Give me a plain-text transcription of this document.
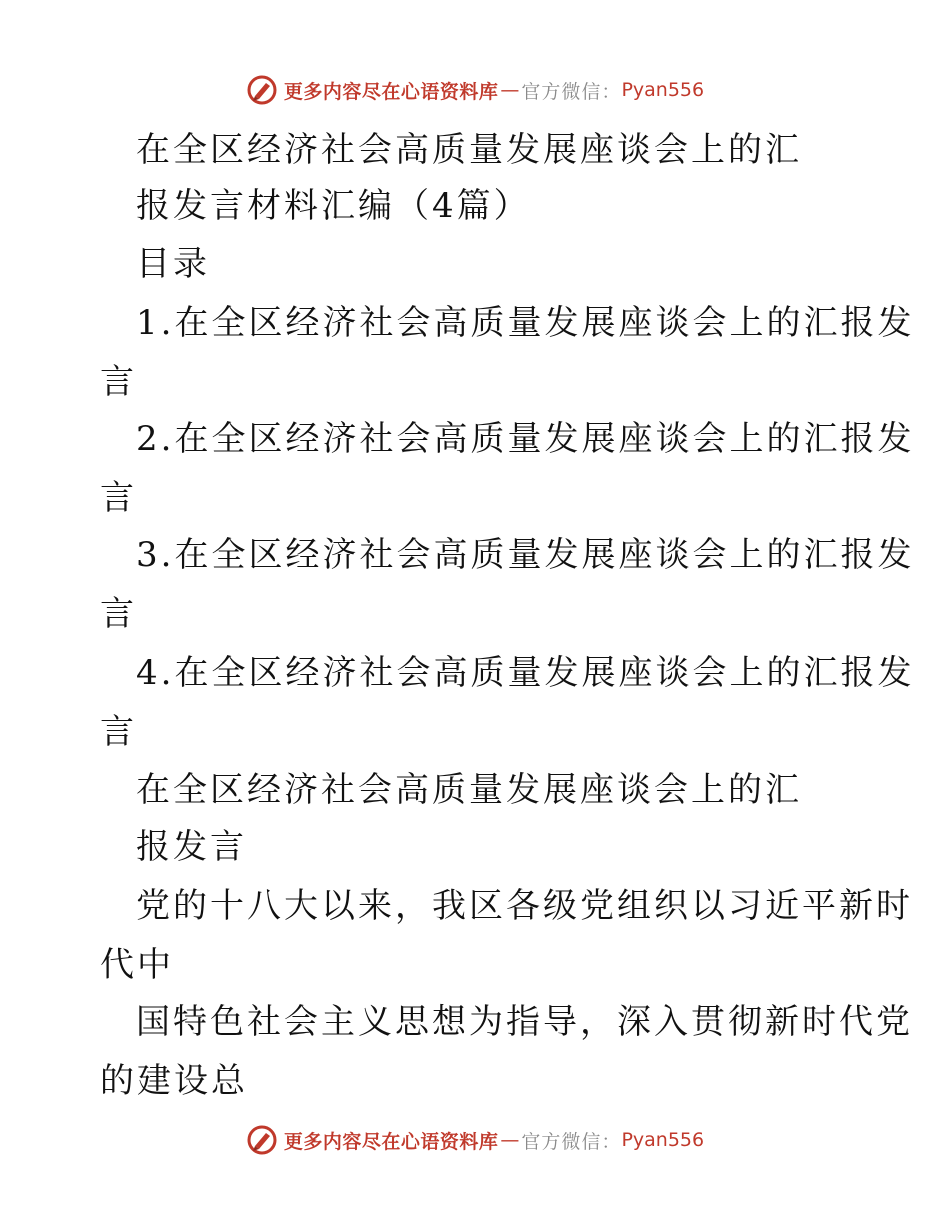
更多内容尽在心语资料库 — 官方微信： Pyan556
在全区经济社会高质量发展座谈会上的汇
报发言材料汇编（4篇）
目录
1.在全区经济社会高质量发展座谈会上的汇报发
言
2.在全区经济社会高质量发展座谈会上的汇报发
言
3.在全区经济社会高质量发展座谈会上的汇报发
言
4.在全区经济社会高质量发展座谈会上的汇报发
言
在全区经济社会高质量发展座谈会上的汇
报发言
党的十八大以来，我区各级党组织以习近平新时
代中
国特色社会主义思想为指导，深入贯彻新时代党
的建设总
更多内容尽在心语资料库 — 官方微信： Pyan556
